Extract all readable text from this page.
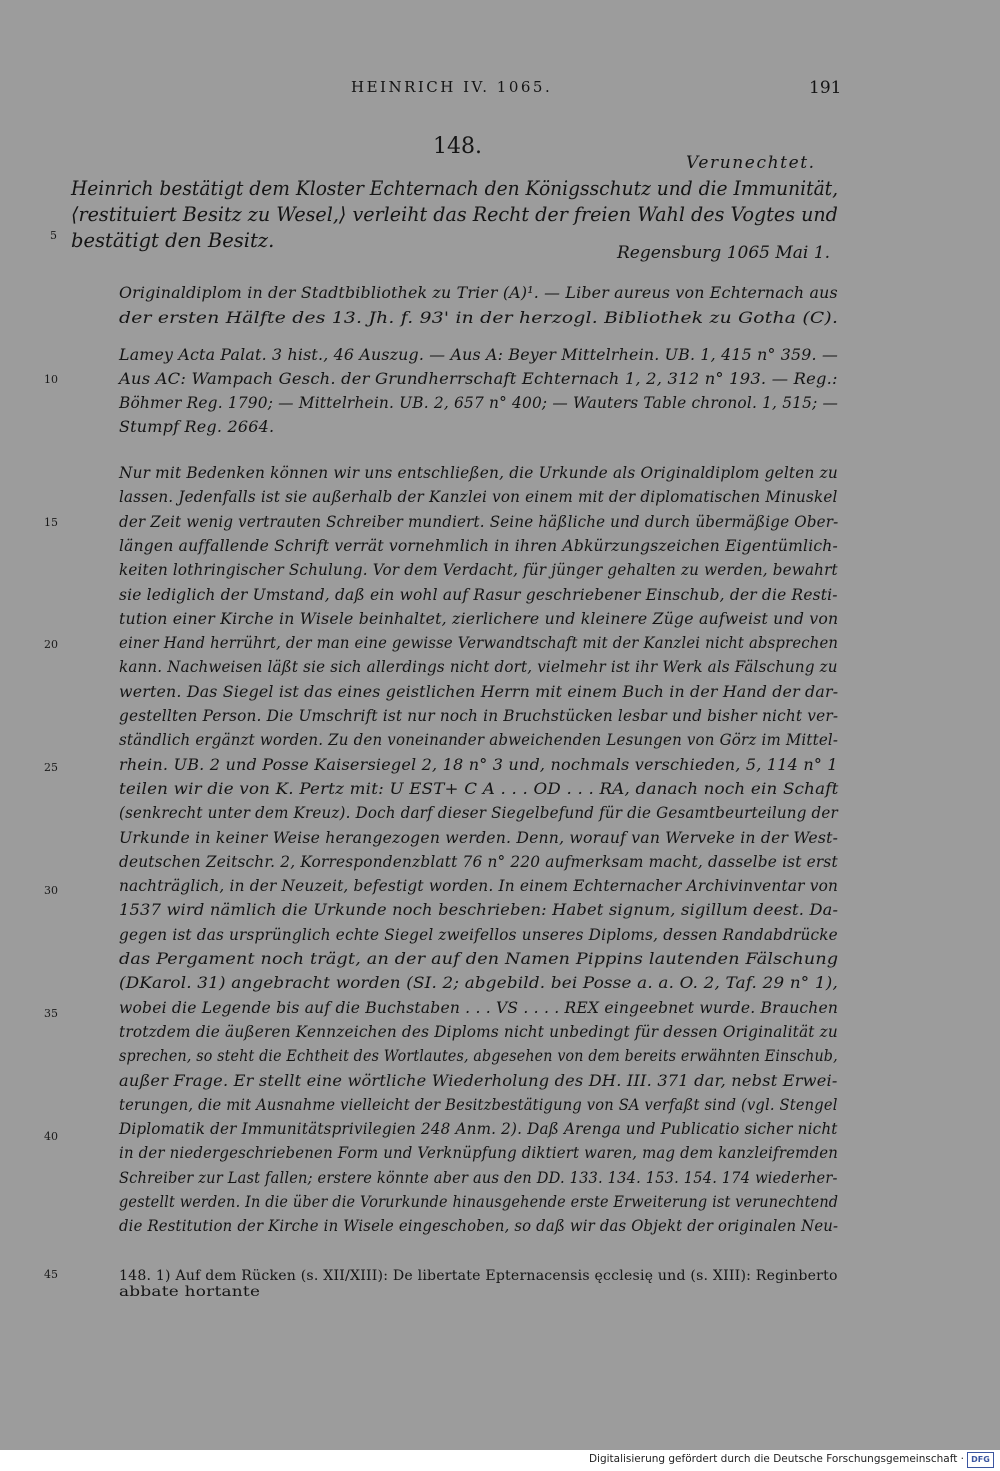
HEINRICH IV. 1065.	191
148.
Verunechtet.
Heinrich bestätigt dem Kloster Echternach den Königsschutz und die Immunität,
⟨restituiert Besitz zu Wesel,⟩ verleiht das Recht der freien Wahl des Vogtes und
bestätigt den Besitz.
Regensburg 1065 Mai 1.
Originaldiplom in der Stadtbibliothek zu Trier (A)¹. — Liber aureus von Echternach aus
der ersten Hälfte des 13. Jh. f. 93' in der herzogl. Bibliothek zu Gotha (C).
Lamey Acta Palat. 3 hist., 46 Auszug. — Aus A: Beyer Mittelrhein. UB. 1, 415 n° 359. —
Aus AC: Wampach Gesch. der Grundherrschaft Echternach 1, 2, 312 n° 193. — Reg.:
Böhmer Reg. 1790; — Mittelrhein. UB. 2, 657 n° 400; — Wauters Table chronol. 1, 515; —
Stumpf Reg. 2664.
Nur mit Bedenken können wir uns entschließen, die Urkunde als Originaldiplom gelten zu
lassen. Jedenfalls ist sie außerhalb der Kanzlei von einem mit der diplomatischen Minuskel
der Zeit wenig vertrauten Schreiber mundiert. Seine häßliche und durch übermäßige Ober-
längen auffallende Schrift verrät vornehmlich in ihren Abkürzungszeichen Eigentümlich-
keiten lothringischer Schulung. Vor dem Verdacht, für jünger gehalten zu werden, bewahrt
sie lediglich der Umstand, daß ein wohl auf Rasur geschriebener Einschub, der die Resti-
tution einer Kirche in Wisele beinhaltet, zierlichere und kleinere Züge aufweist und von
einer Hand herrührt, der man eine gewisse Verwandtschaft mit der Kanzlei nicht absprechen
kann. Nachweisen läßt sie sich allerdings nicht dort, vielmehr ist ihr Werk als Fälschung zu
werten. Das Siegel ist das eines geistlichen Herrn mit einem Buch in der Hand der dar-
gestellten Person. Die Umschrift ist nur noch in Bruchstücken lesbar und bisher nicht ver-
ständlich ergänzt worden. Zu den voneinander abweichenden Lesungen von Görz im Mittel-
rhein. UB. 2 und Posse Kaisersiegel 2, 18 n° 3 und, nochmals verschieden, 5, 114 n° 1
teilen wir die von K. Pertz mit: U EST+ C A . . . OD . . . RA, danach noch ein Schaft
(senkrecht unter dem Kreuz). Doch darf dieser Siegelbefund für die Gesamtbeurteilung der
Urkunde in keiner Weise herangezogen werden. Denn, worauf van Werveke in der West-
deutschen Zeitschr. 2, Korrespondenzblatt 76 n° 220 aufmerksam macht, dasselbe ist erst
nachträglich, in der Neuzeit, befestigt worden. In einem Echternacher Archivinventar von
1537 wird nämlich die Urkunde noch beschrieben: Habet signum, sigillum deest. Da-
gegen ist das ursprünglich echte Siegel zweifellos unseres Diploms, dessen Randabdrücke
das Pergament noch trägt, an der auf den Namen Pippins lautenden Fälschung
(DKarol. 31) angebracht worden (SI. 2; abgebild. bei Posse a. a. O. 2, Taf. 29 n° 1),
wobei die Legende bis auf die Buchstaben . . . VS . . . . REX eingeebnet wurde. Brauchen
trotzdem die äußeren Kennzeichen des Diploms nicht unbedingt für dessen Originalität zu
sprechen, so steht die Echtheit des Wortlautes, abgesehen von dem bereits erwähnten Einschub,
außer Frage. Er stellt eine wörtliche Wiederholung des DH. III. 371 dar, nebst Erwei-
terungen, die mit Ausnahme vielleicht der Besitzbestätigung von SA verfaßt sind (vgl. Stengel
Diplomatik der Immunitätsprivilegien 248 Anm. 2). Daß Arenga und Publicatio sicher nicht
in der niedergeschriebenen Form und Verknüpfung diktiert waren, mag dem kanzleifremden
Schreiber zur Last fallen; erstere könnte aber aus den DD. 133. 134. 153. 154. 174 wiederher-
gestellt werden. In die über die Vorurkunde hinausgehende erste Erweiterung ist verunechtend
die Restitution der Kirche in Wisele eingeschoben, so daß wir das Objekt der originalen Neu-
148. 1) Auf dem Rücken (s. XII/XIII): De libertate Epternacensis ęcclesię und (s. XIII): Reginberto
abbate hortante
5
10
15
20
25
30
35
40
45
Digitalisierung gefördert durch die Deutsche Forschungsgemeinschaft · DFG
